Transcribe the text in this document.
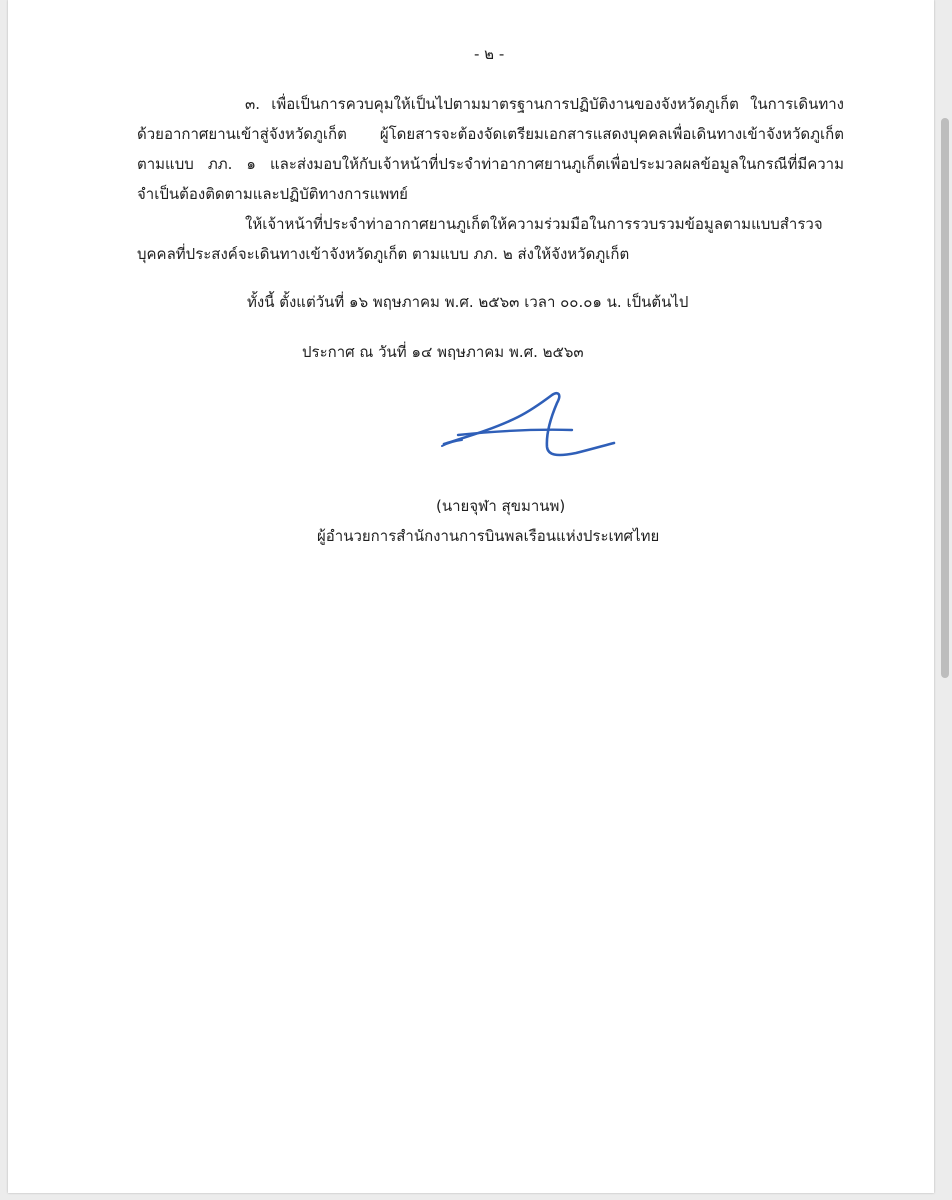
- ๒ -
๓. เพื่อเป็นการควบคุมให้เป็นไปตามมาตรฐานการปฏิบัติงานของจังหวัดภูเก็ต ในการเดินทาง
ด้วยอากาศยานเข้าสู่จังหวัดภูเก็ต ผู้โดยสารจะต้องจัดเตรียมเอกสารแสดงบุคคลเพื่อเดินทางเข้าจังหวัดภูเก็ต
ตามแบบ ภภ. ๑ และส่งมอบให้กับเจ้าหน้าที่ประจำท่าอากาศยานภูเก็ตเพื่อประมวลผลข้อมูลในกรณีที่มีความ
จำเป็นต้องติดตามและปฏิบัติทางการแพทย์
ให้เจ้าหน้าที่ประจำท่าอากาศยานภูเก็ตให้ความร่วมมือในการรวบรวมข้อมูลตามแบบสำรวจ
บุคคลที่ประสงค์จะเดินทางเข้าจังหวัดภูเก็ต ตามแบบ ภภ. ๒ ส่งให้จังหวัดภูเก็ต
ทั้งนี้ ตั้งแต่วันที่ ๑๖ พฤษภาคม พ.ศ. ๒๕๖๓ เวลา ๐๐.๐๑ น. เป็นต้นไป
ประกาศ ณ วันที่ ๑๔ พฤษภาคม พ.ศ. ๒๕๖๓
(นายจุฬา สุขมานพ)
ผู้อำนวยการสำนักงานการบินพลเรือนแห่งประเทศไทย
